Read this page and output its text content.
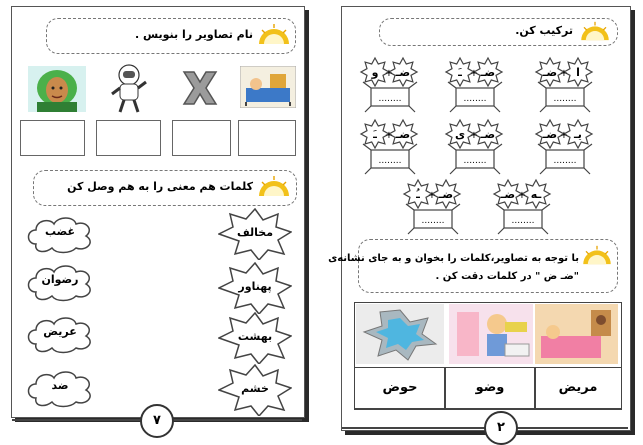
نام تصاویر را بنویس .
کلمات هم معنی را به هم وصل کن
غضب
رضوان
عریض
ضد
مخالف
پهناور
بهشت
خشم
۷
ترکیب کن.
ضـ ا
+
........
ـَ ضـ
+
........
و ضـ
+
........
ضـ یـ
+
........
ی ضـ
+
........
ـَ ضـ
+
........
ضـ ـه
+
........
ـُ ضـ
+
........
با توجه به تصاویر،کلمات را بخوان و به جای نشانه‌ی
"ضـ ض " در کلمات دقت کن .
حوض	وضو	مریض
۲
